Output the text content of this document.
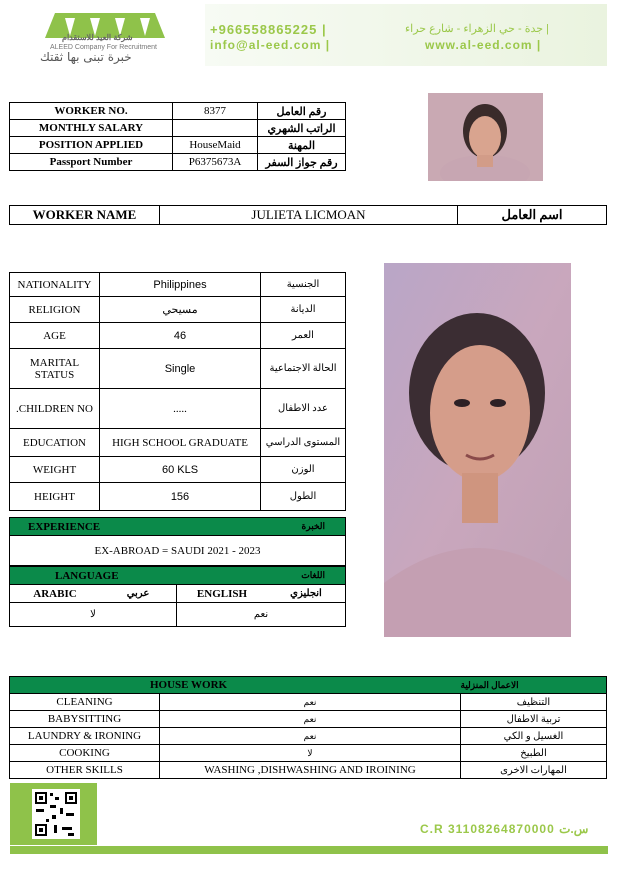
شركة العيد للاستقدام
ALEED Company For Recruitment
خبرة تبنى بها ثقتك
+966558865225 |	جدة - حي الزهراء - شارع حراء |
info@al-eed.com |	www.al-eed.com |
WORKER NO.	8377	رقم العامل
MONTHLY SALARY		الراتب الشهري
POSITION APPLIED	HouseMaid	المهنة
Passport Number	P6375673A	رقم جواز السفر
WORKER NAME	JULIETA LICMOAN	اسم العامل
NATIONALITY	Philippines	الجنسية
RELIGION	مسيحي	الديانة
AGE	46	العمر
MARITAL STATUS	Single	الحالة الاجتماعية
.CHILDREN NO	.....	عدد الاطفال
EDUCATION	HIGH SCHOOL GRADUATE	المستوى الدراسي
WEIGHT	60 KLS	الوزن
HEIGHT	156	الطول
EXPERIENCE	الخبرة
EX-ABROAD = SAUDI 2021 - 2023
LANGUAGE		اللغات	
ARABIC	عربي	ENGLISH	انجليزي
لا		نعم	
HOUSE WORK		الاعمال المنزلية
CLEANING	نعم	التنظيف
BABYSITTING	نعم	تربية الاطفال
LAUNDRY & IRONING	نعم	الغسيل و الكي
COOKING	لا	الطبيخ
OTHER SKILLS	WASHING ,DISHWASHING AND IROINING	المهارات الاخرى
C.R 31108264870000 س.ت
